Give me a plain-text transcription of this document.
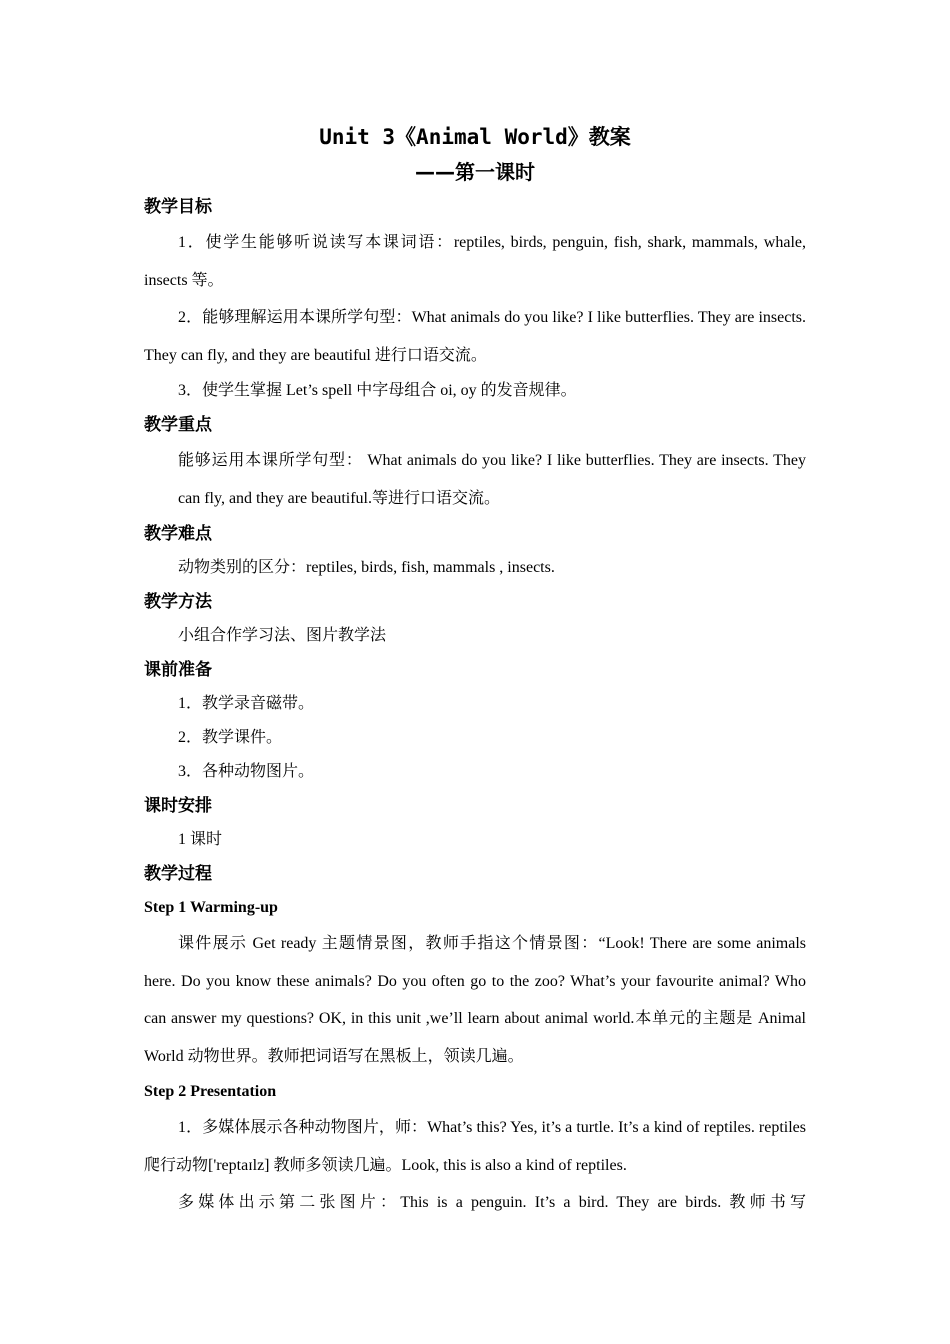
Unit 3《Animal World》教案
——第一课时
教学目标

1．使学生能够听说读写本课词语：reptiles, birds, penguin, fish, shark, mammals, whale, insects 等。

2．能够理解运用本课所学句型：What animals do you like? I like butterflies. They are insects. They can fly, and they are beautiful 进行口语交流。

3．使学生掌握 Let’s spell 中字母组合 oi, oy 的发音规律。

教学重点

能够运用本课所学句型： What animals do you like? I like butterflies. They are insects. They can fly, and they are beautiful.等进行口语交流。

教学难点

动物类别的区分：reptiles, birds, fish, mammals , insects.

教学方法

小组合作学习法、图片教学法

课前准备

1．教学录音磁带。

2．教学课件。

3．各种动物图片。

课时安排

1 课时

教学过程

Step 1 Warming-up

课件展示 Get ready 主题情景图，教师手指这个情景图：“Look! There are some animals here. Do you know these animals? Do you often go to the zoo? What’s your favourite animal? Who can answer my questions? OK, in this unit ,we’ll learn about animal world.本单元的主题是 Animal World 动物世界。教师把词语写在黑板上，领读几遍。

Step 2 Presentation

1．多媒体展示各种动物图片，师：What’s this? Yes, it’s a turtle. It’s a kind of reptiles. reptiles 爬行动物['reptaɪlz] 教师多领读几遍。Look, this is also a kind of reptiles.

多媒体出示第二张图片：This is a penguin. It’s a bird. They are birds. 教师书写
